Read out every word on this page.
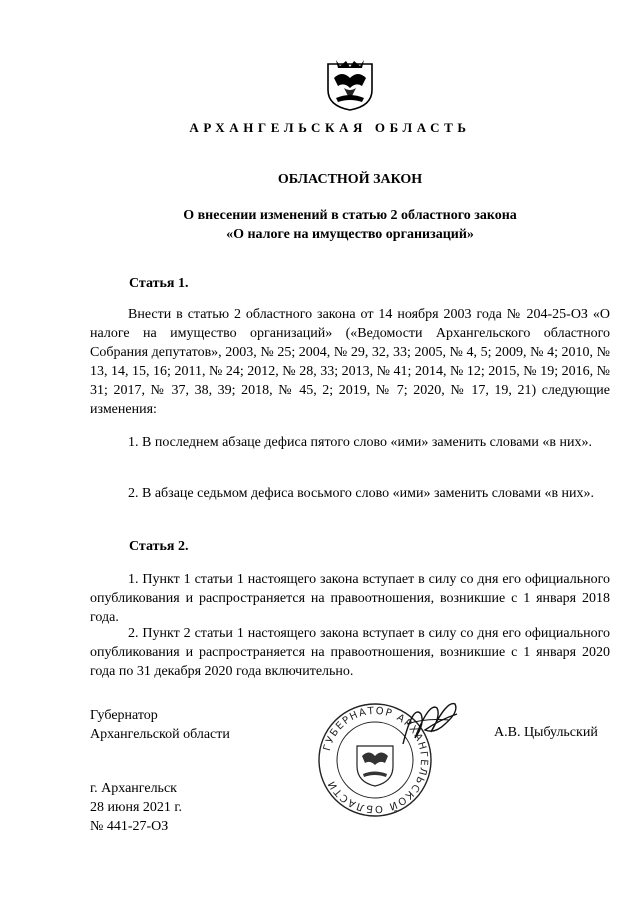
АРХАНГЕЛЬСКАЯ ОБЛАСТЬ
ОБЛАСТНОЙ ЗАКОН
О внесении изменений в статью 2 областного закона
«О налоге на имущество организаций»
Статья 1.

Внести в статью 2 областного закона от 14 ноября 2003 года № 204-25-ОЗ «О налоге на имущество организаций» («Ведомости Архангельского областного Собрания депутатов», 2003, № 25; 2004, № 29, 32, 33; 2005, № 4, 5; 2009, № 4; 2010, № 13, 14, 15, 16; 2011, № 24; 2012, № 28, 33; 2013, № 41; 2014, № 12; 2015, № 19; 2016, № 31; 2017, № 37, 38, 39; 2018, № 45, 2; 2019, № 7; 2020, № 17, 19, 21) следующие изменения:

1. В последнем абзаце дефиса пятого слово «ими» заменить словами «в них».

2. В абзаце седьмом дефиса восьмого слово «ими» заменить словами «в них».

Статья 2.

1. Пункт 1 статьи 1 настоящего закона вступает в силу со дня его официального опубликования и распространяется на правоотношения, возникшие с 1 января 2018 года.

2. Пункт 2 статьи 1 настоящего закона вступает в силу со дня его официального опубликования и распространяется на правоотношения, возникшие с 1 января 2020 года по 31 декабря 2020 года включительно.

Губернатор
Архангельской области
ГУБЕРНАТОР АРХАНГЕЛЬСКОЙ ОБЛАСТИ
А.В. Цыбульский
г. Архангельск
28 июня 2021 г.
№ 441-27-ОЗ
